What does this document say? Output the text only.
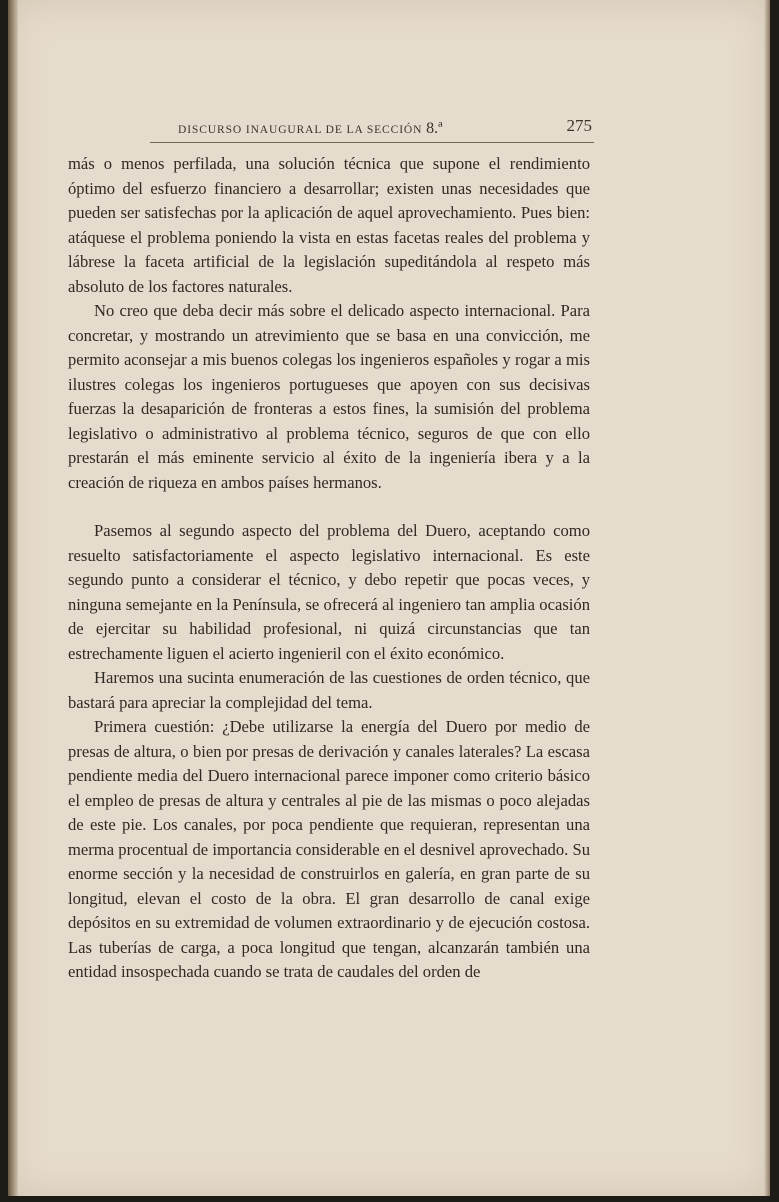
DISCURSO INAUGURAL DE LA SECCIÓN 8.ª	275

más o menos perfilada, una solución técnica que supone el rendimiento óptimo del esfuerzo financiero a desarrollar; existen unas necesidades que pueden ser satisfechas por la aplicación de aquel aprovechamiento. Pues bien: atáquese el problema poniendo la vista en estas facetas reales del problema y lábrese la faceta artificial de la legislación supeditándola al respeto más absoluto de los factores naturales.

No creo que deba decir más sobre el delicado aspecto internacional. Para concretar, y mostrando un atrevimiento que se basa en una convicción, me permito aconsejar a mis buenos colegas los ingenieros españoles y rogar a mis ilustres colegas los ingenieros portugueses que apoyen con sus decisivas fuerzas la desaparición de fronteras a estos fines, la sumisión del problema legislativo o administrativo al problema técnico, seguros de que con ello prestarán el más eminente servicio al éxito de la ingeniería ibera y a la creación de riqueza en ambos países hermanos.

Pasemos al segundo aspecto del problema del Duero, aceptando como resuelto satisfactoriamente el aspecto legislativo internacional. Es este segundo punto a considerar el técnico, y debo repetir que pocas veces, y ninguna semejante en la Península, se ofrecerá al ingeniero tan amplia ocasión de ejercitar su habilidad profesional, ni quizá circunstancias que tan estrechamente liguen el acierto ingenieril con el éxito económico.

Haremos una sucinta enumeración de las cuestiones de orden técnico, que bastará para apreciar la complejidad del tema.

Primera cuestión: ¿Debe utilizarse la energía del Duero por medio de presas de altura, o bien por presas de derivación y canales laterales? La escasa pendiente media del Duero internacional parece imponer como criterio básico el empleo de presas de altura y centrales al pie de las mismas o poco alejadas de este pie. Los canales, por poca pendiente que requieran, representan una merma procentual de importancia considerable en el desnivel aprovechado. Su enorme sección y la necesidad de construirlos en galería, en gran parte de su longitud, elevan el costo de la obra. El gran desarrollo de canal exige depósitos en su extremidad de volumen extraordinario y de ejecución costosa. Las tuberías de carga, a poca longitud que tengan, alcanzarán también una entidad insospechada cuando se trata de caudales del orden de
